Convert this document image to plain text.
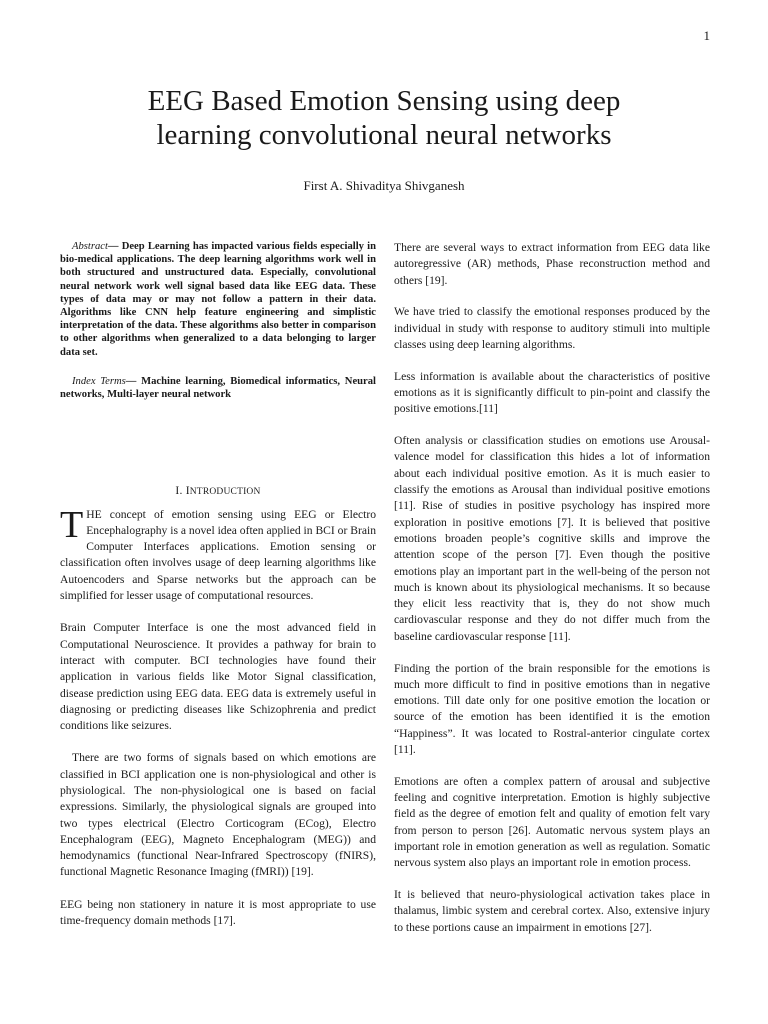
1
EEG Based Emotion Sensing using deep
learning convolutional neural networks
First A. Shivaditya Shivganesh

Abstract— Deep Learning has impacted various fields especially in bio-medical applications. The deep learning algorithms work well in both structured and unstructured data. Especially, convolutional neural network work well signal based data like EEG data. These types of data may or may not follow a pattern in their data. Algorithms like CNN help feature engineering and simplistic interpretation of the data. These algorithms also better in comparison to other algorithms when generalized to a data belonging to larger data set.

Index Terms— Machine learning, Biomedical informatics, Neural networks, Multi-layer neural network

I. INTRODUCTION

THE concept of emotion sensing using EEG or Electro Encephalography is a novel idea often applied in BCI or Brain Computer Interfaces applications. Emotion sensing or classification often involves usage of deep learning algorithms like Autoencoders and Sparse networks but the approach can be simplified for lesser usage of computational resources.

Brain Computer Interface is one the most advanced field in Computational Neuroscience. It provides a pathway for brain to interact with computer. BCI technologies have found their application in various fields like Motor Signal classification, disease prediction using EEG data. EEG data is extremely useful in diagnosing or predicting diseases like Schizophrenia and predict conditions like seizures.

There are two forms of signals based on which emotions are classified in BCI application one is non-physiological and other is physiological. The non-physiological one is based on facial expressions. Similarly, the physiological signals are grouped into two types electrical (Electro Corticogram (ECog), Electro Encephalogram (EEG), Magneto Encephalogram (MEG)) and hemodynamics (functional Near-Infrared Spectroscopy (fNIRS), functional Magnetic Resonance Imaging (fMRI)) [19].

EEG being non stationery in nature it is most appropriate to use time-frequency domain methods [17].

There are several ways to extract information from EEG data like autoregressive (AR) methods, Phase reconstruction method and others [19].

We have tried to classify the emotional responses produced by the individual in study with response to auditory stimuli into multiple classes using deep learning algorithms.

Less information is available about the characteristics of positive emotions as it is significantly difficult to pin-point and classify the positive emotions.[11]

Often analysis or classification studies on emotions use Arousal- valence model for classification this hides a lot of information about each individual positive emotion. As it is much easier to classify the emotions as Arousal than individual positive emotions [11]. Rise of studies in positive psychology has inspired more exploration in positive emotions [7]. It is believed that positive emotions broaden people’s cognitive skills and improve the attention scope of the person [7]. Even though the positive emotions play an important part in the well-being of the person not much is known about its physiological mechanisms. It so because they elicit less reactivity that is, they do not show much cardiovascular response and they do not differ much from the baseline cardiovascular response [11].

Finding the portion of the brain responsible for the emotions is much more difficult to find in positive emotions than in negative emotions. Till date only for one positive emotion the location or source of the emotion has been identified it is the emotion “Happiness”. It was located to Rostral-anterior cingulate cortex [11].

Emotions are often a complex pattern of arousal and subjective feeling and cognitive interpretation. Emotion is highly subjective field as the degree of emotion felt and quality of emotion felt vary from person to person [26]. Automatic nervous system plays an important role in emotion generation as well as regulation. Somatic nervous system also plays an important role in emotion process.

It is believed that neuro-physiological activation takes place in thalamus, limbic system and cerebral cortex. Also, extensive injury to these portions cause an impairment in emotions [27].
